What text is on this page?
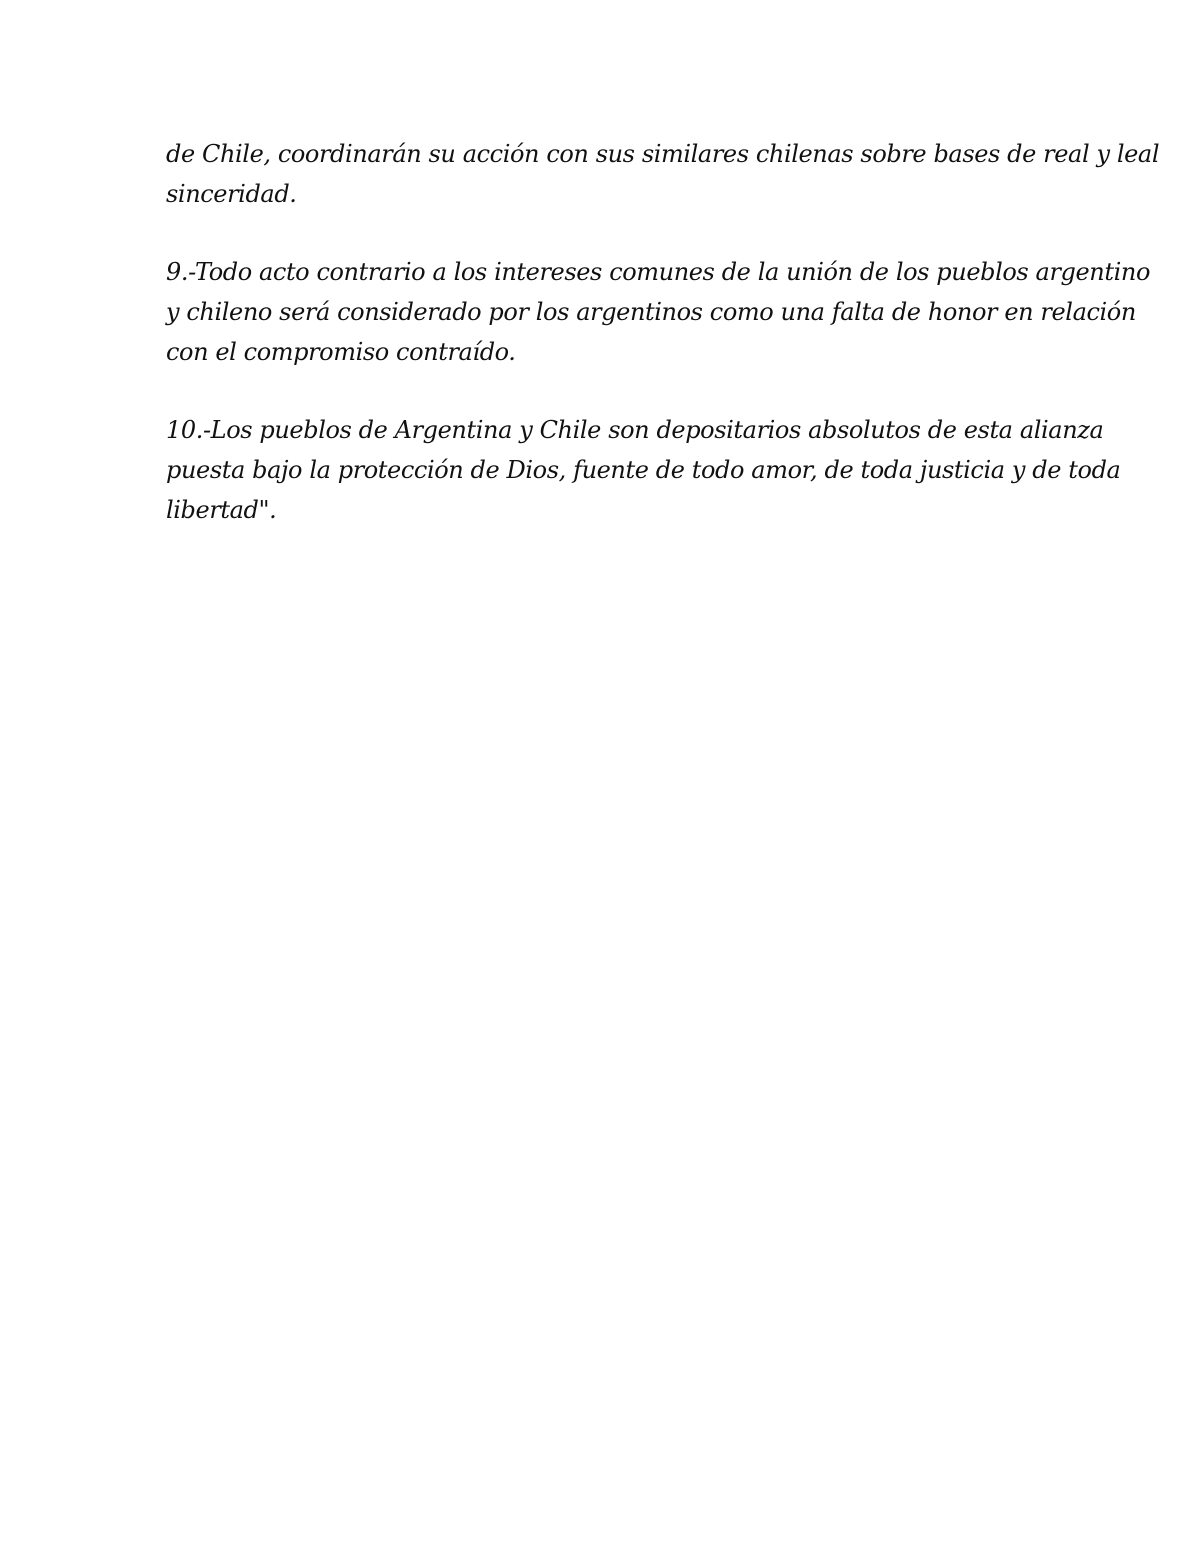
de Chile, coordinarán su acción con sus similares chilenas sobre bases de real y leal
sinceridad.

9.-Todo acto contrario a los intereses comunes de la unión de los pueblos argentino
y chileno será considerado por los argentinos como una falta de honor en relación
con el compromiso contraído.

10.-Los pueblos de Argentina y Chile son depositarios absolutos de esta alianza
puesta bajo la protección de Dios, fuente de todo amor, de toda justicia y de toda
libertad".
